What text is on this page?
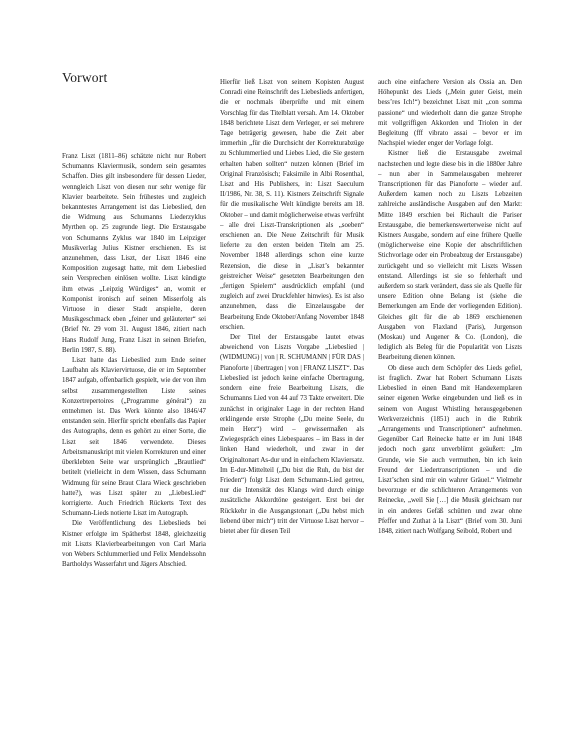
Vorwort

Franz Liszt (1811–86) schätzte nicht nur Robert Schumanns Klaviermusik, sondern sein gesamtes Schaffen. Dies gilt insbesondere für dessen Lieder, wenngleich Liszt von diesen nur sehr wenige für Klavier bearbeitete. Sein frühestes und zugleich bekanntestes Arrangement ist das Liebeslied, den die Widmung aus Schumanns Liederzyklus Myrthen op. 25 zugrunde liegt. Die Erstausgabe von Schumanns Zyklus war 1840 im Leipziger Musikverlag Julius Kistner erschienen. Es ist anzunehmen, dass Liszt, der Liszt 1846 eine Komposition zugesagt hatte, mit dem Liebeslied sein Versprechen einlösen wollte. Liszt kündigte ihm etwas „Leipzig Würdiges“ an, womit er Komponist ironisch auf seinen Misserfolg als Virtuose in dieser Stadt anspielte, deren Musikgeschmack eben „feiner und geläuterter“ sei (Brief Nr. 29 vom 31. August 1846, zitiert nach Hans Rudolf Jung, Franz Liszt in seinen Briefen, Berlin 1987, S. 88).

Liszt hatte das Liebeslied zum Ende seiner Laufbahn als Klaviervirtuose, die er im September 1847 aufgab, offenbarlich gespielt, wie der von ihm selbst zusammengestellten Liste seines Konzertrepertoires („Programme général“) zu entnehmen ist. Das Werk könnte also 1846/47 entstanden sein. Hierfür spricht ebenfalls das Papier des Autographs, denn es gehört zu einer Sorte, die Liszt seit 1846 verwendete. Dieses Arbeitsmanuskript mit vielen Korrekturen und einer überklebten Seite war ursprünglich „Brautlied“ betitelt (vielleicht in dem Wissen, dass Schumann Widmung für seine Braut Clara Wieck geschrieben hatte?), was Liszt später zu „LiebesLied“ korrigierte. Auch Friedrich Rückerts Text des Schumann-Lieds notierte Liszt im Autograph.

Die Veröffentlichung des Liebeslieds bei Kistner erfolgte im Spätherbst 1848, gleichzeitig mit Liszts Klavierbearbeitungen von Carl Maria von Webers Schlummerlied und Felix Mendelssohn Bartholdys Wasserfahrt und Jägers Abschied.

Hierfür ließ Liszt von seinem Kopisten August Conradi eine Reinschrift des Liebeslieds anfertigen, die er nochmals überprüfte und mit einem Vorschlag für das Titelblatt versah. Am 14. Oktober 1848 berichtete Liszt dem Verleger, er sei mehrere Tage beträgerig gewesen, habe die Zeit aber immerhin „für die Durchsicht der Korrekturabzüge zu Schlummerlied und Liebes Lied, die Sie gestern erhalten haben sollten“ nutzen können (Brief im Original Französisch; Faksimile in Albi Rosenthal, Liszt and His Publishers, in: Liszt Saeculum II/1986, Nr. 38, S. 11). Kistners Zeitschrift Signale für die musikalische Welt kündigte bereits am 18. Oktober – und damit möglicherweise etwas verfrüht – alle drei Liszt-Transkriptionen als „soeben“ erschienen an. Die Neue Zeitschrift für Musik lieferte zu den ersten beiden Titeln am 25. November 1848 allerdings schon eine kurze Rezension, die diese in „Liszt’s bekannter geistreicher Weise“ gesetzten Bearbeitungen den „fertigen Spielern“ ausdrücklich empfahl (und zugleich auf zwei Druckfehler hinwies). Es ist also anzunehmen, dass die Einzelausgabe der Bearbeitung Ende Oktober/Anfang November 1848 erschien.

Der Titel der Erstausgabe lautet etwas abweichend von Liszts Vorgabe „Liebeslied | (WIDMUNG) | von | R. SCHUMANN | FÜR DAS | Pianoforte | übertragen | von | FRANZ LISZT“. Das Liebeslied ist jedoch keine einfache Übertragung, sondern eine freie Bearbeitung Liszts, die Schumanns Lied von 44 auf 73 Takte erweitert. Die zunächst in originaler Lage in der rechten Hand erklingende erste Strophe („Du meine Seele, du mein Herz“) wird – gewissermaßen als Zwiegespräch eines Liebespaares – im Bass in der linken Hand wiederholt, und zwar in der Originaltonart As-dur und in einfachem Klaviersatz. Im E-dur-Mittelteil („Du bist die Ruh, du bist der Frieden“) folgt Liszt dem Schumann-Lied getreu, nur die Intensität des Klangs wird durch einige zusätzliche Akkordtöne gesteigert. Erst bei der Rückkehr in die Ausgangstonart („Du hebst mich liebend über mich“) tritt der Virtuose Liszt hervor – bietet aber für diesen Teil

auch eine einfachere Version als Ossia an. Den Höhepunkt des Lieds („Mein guter Geist, mein bess’res Ich!“) bezeichnet Liszt mit „con somma passione“ und wiederholt dann die ganze Strophe mit vollgriffigen Akkorden und Triolen in der Begleitung (fff vibrato assai – bevor er im Nachspiel wieder enger der Vorlage folgt.

Kistner ließ die Erstausgabe zweimal nachstechen und legte diese bis in die 1880er Jahre – nun aber in Sammelausgaben mehrerer Transcriptionen für das Pianoforte – wieder auf. Außerdem kamen noch zu Liszts Lebzeiten zahlreiche ausländische Ausgaben auf den Markt: Mitte 1849 erschien bei Richault die Pariser Erstausgabe, die bemerkenswerterweise nicht auf Kistners Ausgabe, sondern auf eine frühere Quelle (möglicherweise eine Kopie der abschriftlichen Stichvorlage oder ein Probeabzug der Erstausgabe) zurückgeht und so vielleicht mit Liszts Wissen entstand. Allerdings ist sie so fehlerhaft und außerdem so stark verändert, dass sie als Quelle für unsere Edition ohne Belang ist (siehe die Bemerkungen am Ende der vorliegenden Edition). Gleiches gilt für die ab 1869 erschienenen Ausgaben von Flaxland (Paris), Jurgenson (Moskau) und Augener & Co. (London), die lediglich als Beleg für die Popularität von Liszts Bearbeitung dienen können.

Ob diese auch dem Schöpfer des Lieds gefiel, ist fraglich. Zwar hat Robert Schumann Liszts Liebeslied in einen Band mit Handexemplaren seiner eigenen Werke eingebunden und ließ es in seinem von August Whistling herausgegebenen Werkverzeichnis (1851) auch in die Rubrik „Arrangements und Transcriptionen“ aufnehmen. Gegenüber Carl Reinecke hatte er im Juni 1848 jedoch noch ganz unverblümt geäußert: „Im Grunde, wie Sie auch vermuthen, bin ich kein Freund der Liedertranscriptionen – und die Liszt’schen sind mir ein wahrer Gräuel.“ Vielmehr bevorzuge er die schlichteren Arrangements von Reinecke, „weil Sie […] die Musik gleichsam nur in ein anderes Gefäß schütten und zwar ohne Pfeffer und Zuthat à la Liszt“ (Brief vom 30. Juni 1848, zitiert nach Wolfgang Seibold, Robert und
